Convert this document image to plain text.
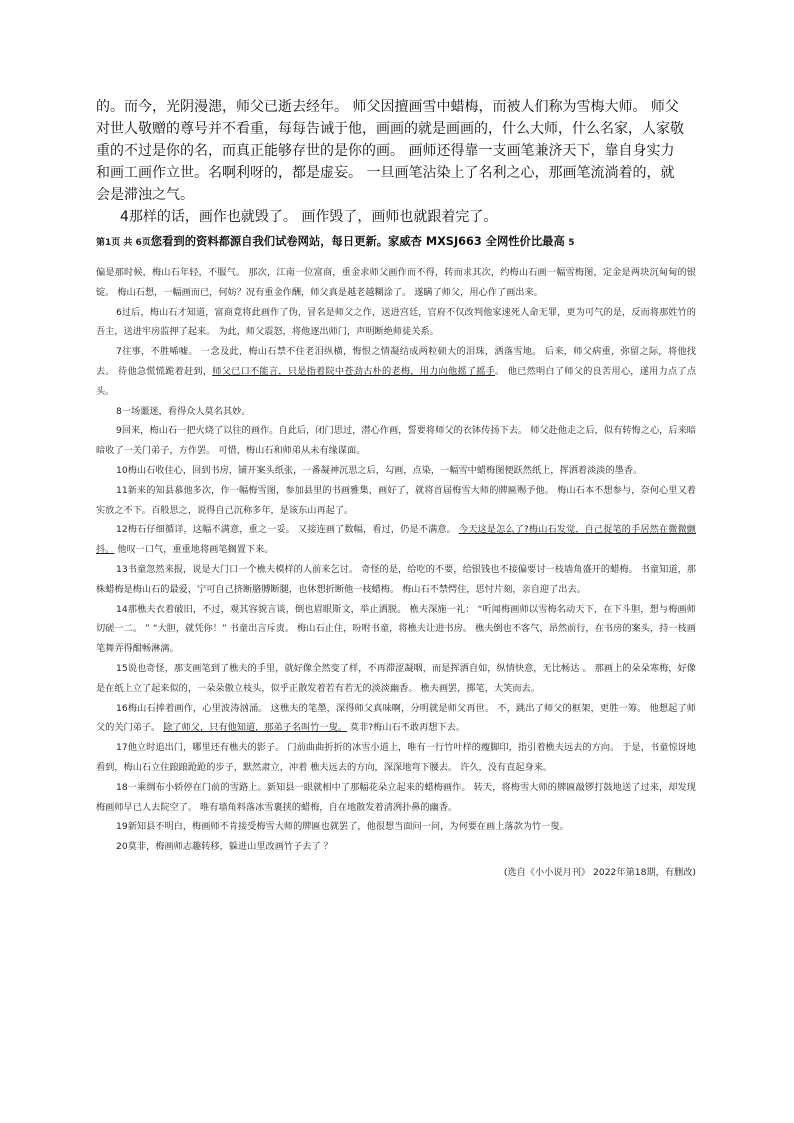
的。而今，光阴漫漶，师父已逝去经年。 师父因擅画雪中蜡梅，而被人们称为雪梅大师。 师父

对世人敬赠的尊号并不看重，每每告诫于他，画画的就是画画的，什么大师，什么名家，人家敬

重的不过是你的名，而真正能够存世的是你的画。 画师还得靠一支画笔兼济天下，靠自身实力

和画工画作立世。名啊利呀的，都是虚妄。 一旦画笔沾染上了名利之心，那画笔流淌着的，就

会是滞浊之气。

4那样的话，画作也就毁了。 画作毁了，画师也就跟着完了。

第1页 共 6页您看到的资料都源自我们试卷网站，每日更新。家威杏 MXSJ663 全网性价比最高 5

偏是那时候，梅山石年轻，不服气。 那次，江南一位富商，重金求师父画作而不得，转而求其次，约梅山石画一幅雪梅图，定金是两块沉甸甸的银锭。 梅山石想，一幅画而已，何妨？况有重金作酬，师父真是越老越糊涂了。 遂瞒了师父，用心作了画出来。

6过后，梅山石才知道，富商竟将此画作了伪，冒名是师父之作，送进宫廷，官府不仅改判他家速死人命无罪，更为可气的是，反而将那姓竹的吾主，送进牢房监押了起来。 为此，师父震怒，将他逐出师门，声明断绝师徒关系。

7往事，不胜唏嘘。 一念及此，梅山石禁不住老泪纵横，悔恨之情凝结成两粒硕大的泪珠，洒落雪地。 后来，师父病重，弥留之际，将他找去。 待他急慌慌跪着赶到，师父已口不能言，只是指着院中苍劲古朴的老梅，用力向他摇了摇手。 他已然明白了师父的良苦用心，遂用力点了点头。

8一场噩迷，看得众人莫名其妙。

9回来，梅山石一把火烧了以往的画作。自此后，闭门思过，潜心作画，誓要将师父的衣钵传扬下去。 师父赴他走之后，似有转悔之心，后来暗暗收了一关门弟子，方作罢。 可惜，梅山石和师弟从未有缘谋面。

10梅山石收住心，回到书房，铺开案头纸张，一番凝神沉思之后，勾画，点染，一幅雪中蜡梅图便跃然纸上，挥洒着淡淡的墨香。

11新来的知县慕他多次，作一幅梅雪图，参加县里的书画雅集，画好了，就将首届梅雪大师的牌匾赐予他。 梅山石本不想参与，奈何心里又着实放之不下。百般思之，说得自己沉称多年，是该东山再起了。

12梅石仔细循详，这幅不满意，重之一妥。 又接连画了数幅，看过，仍是不满意。 今天这是怎么了?梅山石发觉，自己捉笔的手居然在微微颤抖。 他叹一口气，重重地将画笔搁置下来。

13书童忽然来报，说是大门口一个樵夫模样的人前来乞讨。 奇怪的是，给吃的不要，给银钱也不接偏要讨一枝墙角盛开的蜡梅。 书童知道，那株蜡梅是梅山石的最爱，宁可自己挤断胳膊断腿，也休想折断他一枝蜡梅。 梅山石不禁愕住，思忖片刻，亲自迎了出去。

14那樵夫衣着破旧，不过，观其容貌言谈，倒也眉眼斯文，举止洒脱。 樵夫深施一礼： “听闻梅画师以雪梅名动天下，在下斗胆，想与梅画师切磋一二。 ” “大胆，就凭你！” 书童出言斥责。 梅山石止住，吩咐书童，将樵夫让进书房。 樵夫倒也不客气，昂然前行，在书房的案头，持一枝画笔舞弄得酣畅淋漓。

15说也奇怪，那支画笔到了樵夫的手里，就好像全然变了样，不再滞涩凝咽，而是挥洒自如，纵情快意，无比畅达 。 那画上的朵朵寒梅，好像是在纸上立了起来似的，一朵朵傲立枝头，似乎正散发着若有若无的淡淡幽香。 樵夫画罢，掷笔，大笑而去。

16梅山石捧着画作，心里波涛汹涌。 这樵夫的笔墨，深得师父真味啊，分明就是师父再世。 不，跳出了师父的框架，更胜一筹。 他想起了师父的关门弟子。 除了师父，只有他知道，那弟子名叫竹一叟。 莫非?梅山石不敢再想下去。

17他立时追出门，哪里还有樵夫的影子。 门前曲曲折折的冰雪小道上，唯有一行竹叶样的瘦脚印，指引着樵夫远去的方向。 于是，书童惊讶地看到，梅山石立住踉踉跄跄的步子，默然肃立，冲着 樵夫远去的方向，深深地弯下腰去。 许久，没有直起身来。

18一乘绸布小轿停在门前的雪路上。新知县一眼就相中了那幅花朵立起来的蜡梅画作。 转天，将梅雪大师的牌匾敲锣打鼓地送了过来，却发现梅画师早已人去院空了。 唯有墙角料落冰雪裹挟的蜡梅，自在地散发着清冽扑鼻的幽香。

19新知县不明白，梅画师不肯接受梅雪大师的牌匾也就罢了，他很想当面问一问，为何要在画上落款为竹一叟。

20莫非，梅画师志趣转移，躲进山里改画竹子去了 ？

(选自《小小说月刊》 2022年第18期，有删改)
